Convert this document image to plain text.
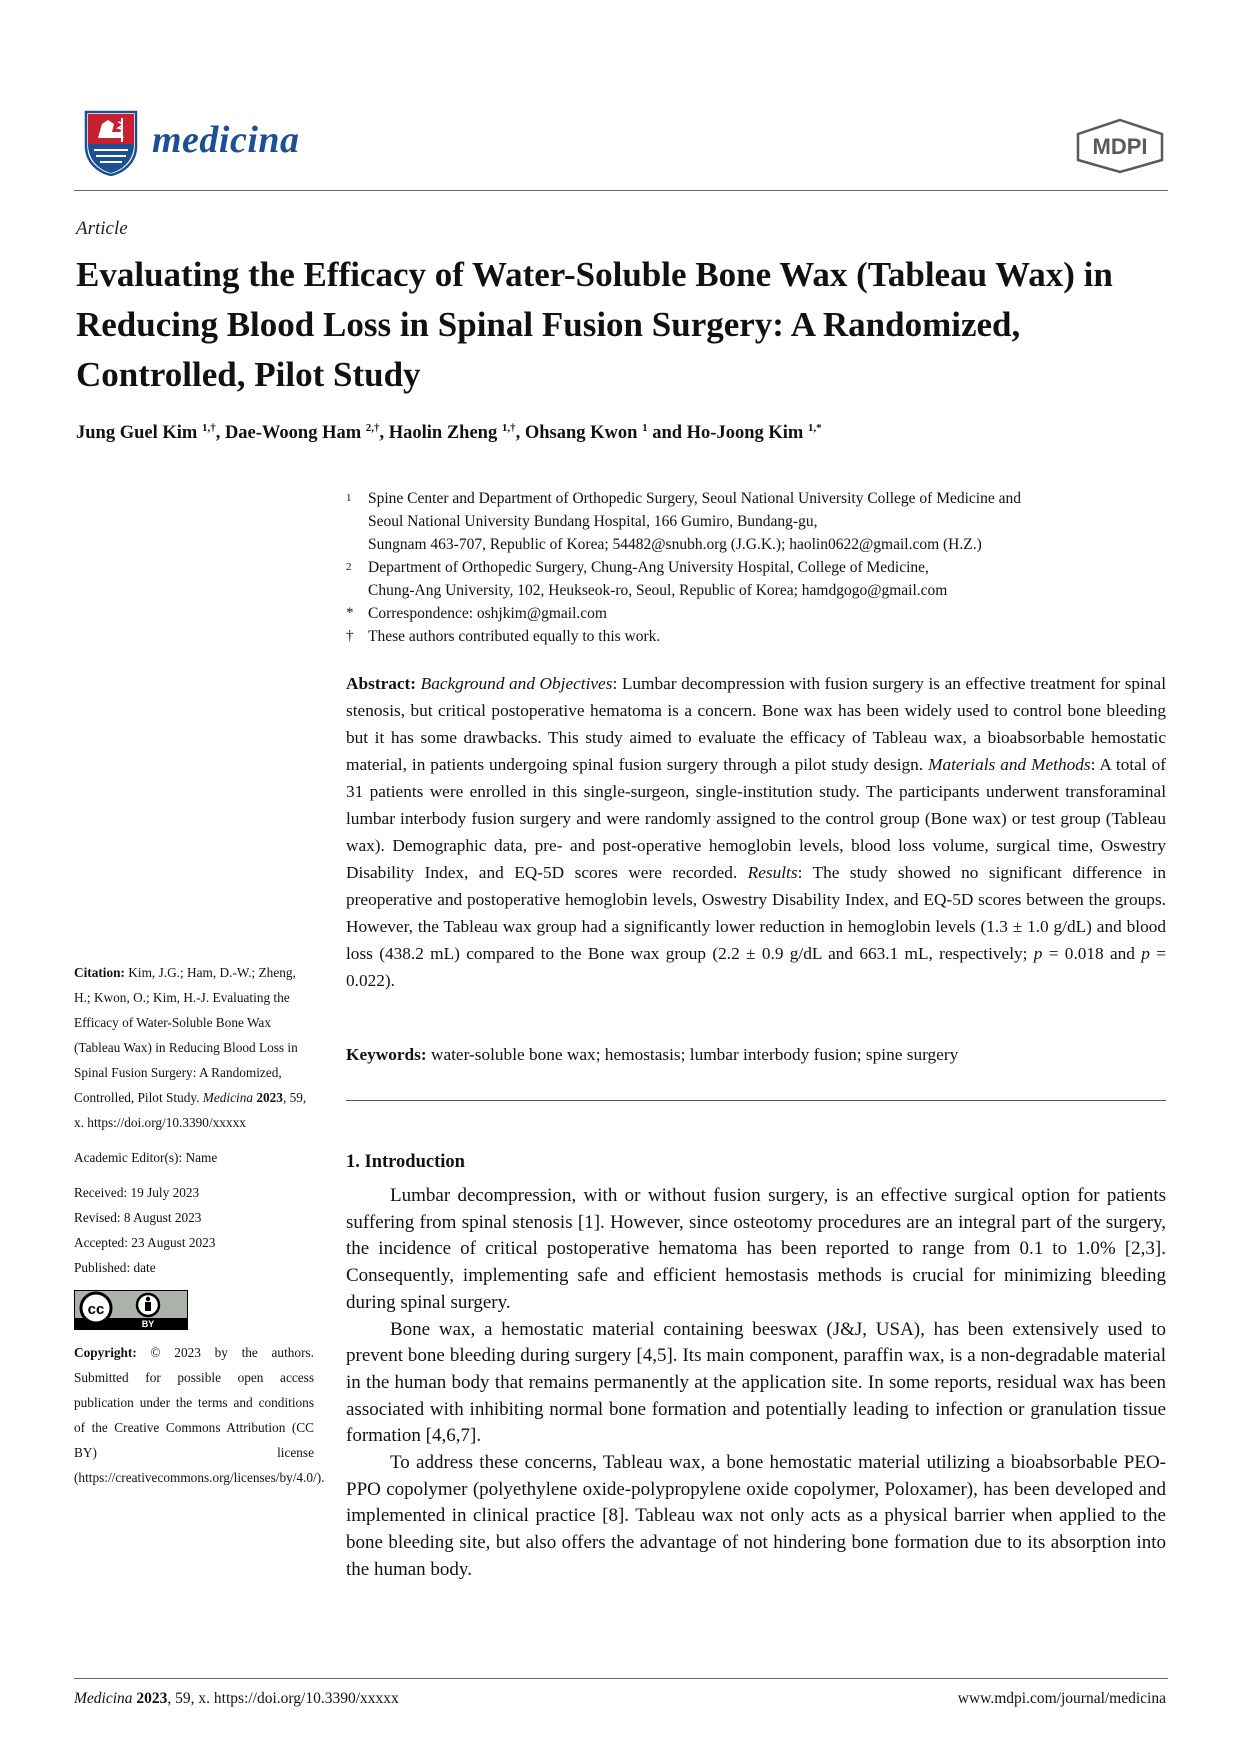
medicina	MDPI
Article
Evaluating the Efficacy of Water-Soluble Bone Wax (Tableau Wax) in Reducing Blood Loss in Spinal Fusion Surgery: A Randomized, Controlled, Pilot Study
Jung Guel Kim $^{1,\dagger}$, Dae-Woong Ham $^{2,\dagger}$, Haolin Zheng $^{1,\dagger}$, Ohsang Kwon $^1$ and Ho-Joong Kim $^{1,*}$
1 Spine Center and Department of Orthopedic Surgery, Seoul National University College of Medicine and
Seoul National University Bundang Hospital, 166 Gumiro, Bundang-gu,
Sungnam 463-707, Republic of Korea; 54482@snubh.org (J.G.K.); haolin0622@gmail.com (H.Z.)
2 Department of Orthopedic Surgery, Chung-Ang University Hospital, College of Medicine,
Chung-Ang University, 102, Heukseok-ro, Seoul, Republic of Korea; hamdgogo@gmail.com
* Correspondence: oshjkim@gmail.com
† These authors contributed equally to this work.
Abstract: Background and Objectives: Lumbar decompression with fusion surgery is an effective treatment for spinal stenosis, but critical postoperative hematoma is a concern. Bone wax has been widely used to control bone bleeding but it has some drawbacks. This study aimed to evaluate the efficacy of Tableau wax, a bioabsorbable hemostatic material, in patients undergoing spinal fusion surgery through a pilot study design. Materials and Methods: A total of 31 patients were enrolled in this single-surgeon, single-institution study. The participants underwent transforaminal lumbar interbody fusion surgery and were randomly assigned to the control group (Bone wax) or test group (Tableau wax). Demographic data, pre- and post-operative hemoglobin levels, blood loss volume, surgical time, Oswestry Disability Index, and EQ-5D scores were recorded. Results: The study showed no significant difference in preoperative and postoperative hemoglobin levels, Oswestry Disability Index, and EQ-5D scores between the groups. However, the Tableau wax group had a significantly lower reduction in hemoglobin levels (1.3 ± 1.0 g/dL) and blood loss (438.2 mL) compared to the Bone wax group (2.2 ± 0.9 g/dL and 663.1 mL, respectively; p = 0.018 and p = 0.022).
Keywords: water-soluble bone wax; hemostasis; lumbar interbody fusion; spine surgery
1. Introduction

Lumbar decompression, with or without fusion surgery, is an effective surgical option for patients suffering from spinal stenosis [1]. However, since osteotomy procedures are an integral part of the surgery, the incidence of critical postoperative hematoma has been reported to range from 0.1 to 1.0% [2,3]. Consequently, implementing safe and efficient hemostasis methods is crucial for minimizing bleeding during spinal surgery.

Bone wax, a hemostatic material containing beeswax (J&J, USA), has been extensively used to prevent bone bleeding during surgery [4,5]. Its main component, paraffin wax, is a non-degradable material in the human body that remains permanently at the application site. In some reports, residual wax has been associated with inhibiting normal bone formation and potentially leading to infection or granulation tissue formation [4,6,7].

To address these concerns, Tableau wax, a bone hemostatic material utilizing a bioabsorbable PEO-PPO copolymer (polyethylene oxide-polypropylene oxide copolymer, Poloxamer), has been developed and implemented in clinical practice [8]. Tableau wax not only acts as a physical barrier when applied to the bone bleeding site, but also offers the advantage of not hindering bone formation due to its absorption into the human body.

Citation: Kim, J.G.; Ham, D.-W.; Zheng, H.; Kwon, O.; Kim, H.-J. Evaluating the Efficacy of Water-Soluble Bone Wax (Tableau Wax) in Reducing Blood Loss in Spinal Fusion Surgery: A Randomized, Controlled, Pilot Study. Medicina 2023, 59, x. https://doi.org/10.3390/xxxxx
Academic Editor(s): Name
Received: 19 July 2023
Revised: 8 August 2023
Accepted: 23 August 2023
Published: date
cc
BY
Copyright: © 2023 by the authors. Submitted for possible open access publication under the terms and conditions of the Creative Commons Attribution (CC BY) license (https://creativecommons.org/licenses/by/4.0/).
Medicina 2023, 59, x. https://doi.org/10.3390/xxxxx	www.mdpi.com/journal/medicina
